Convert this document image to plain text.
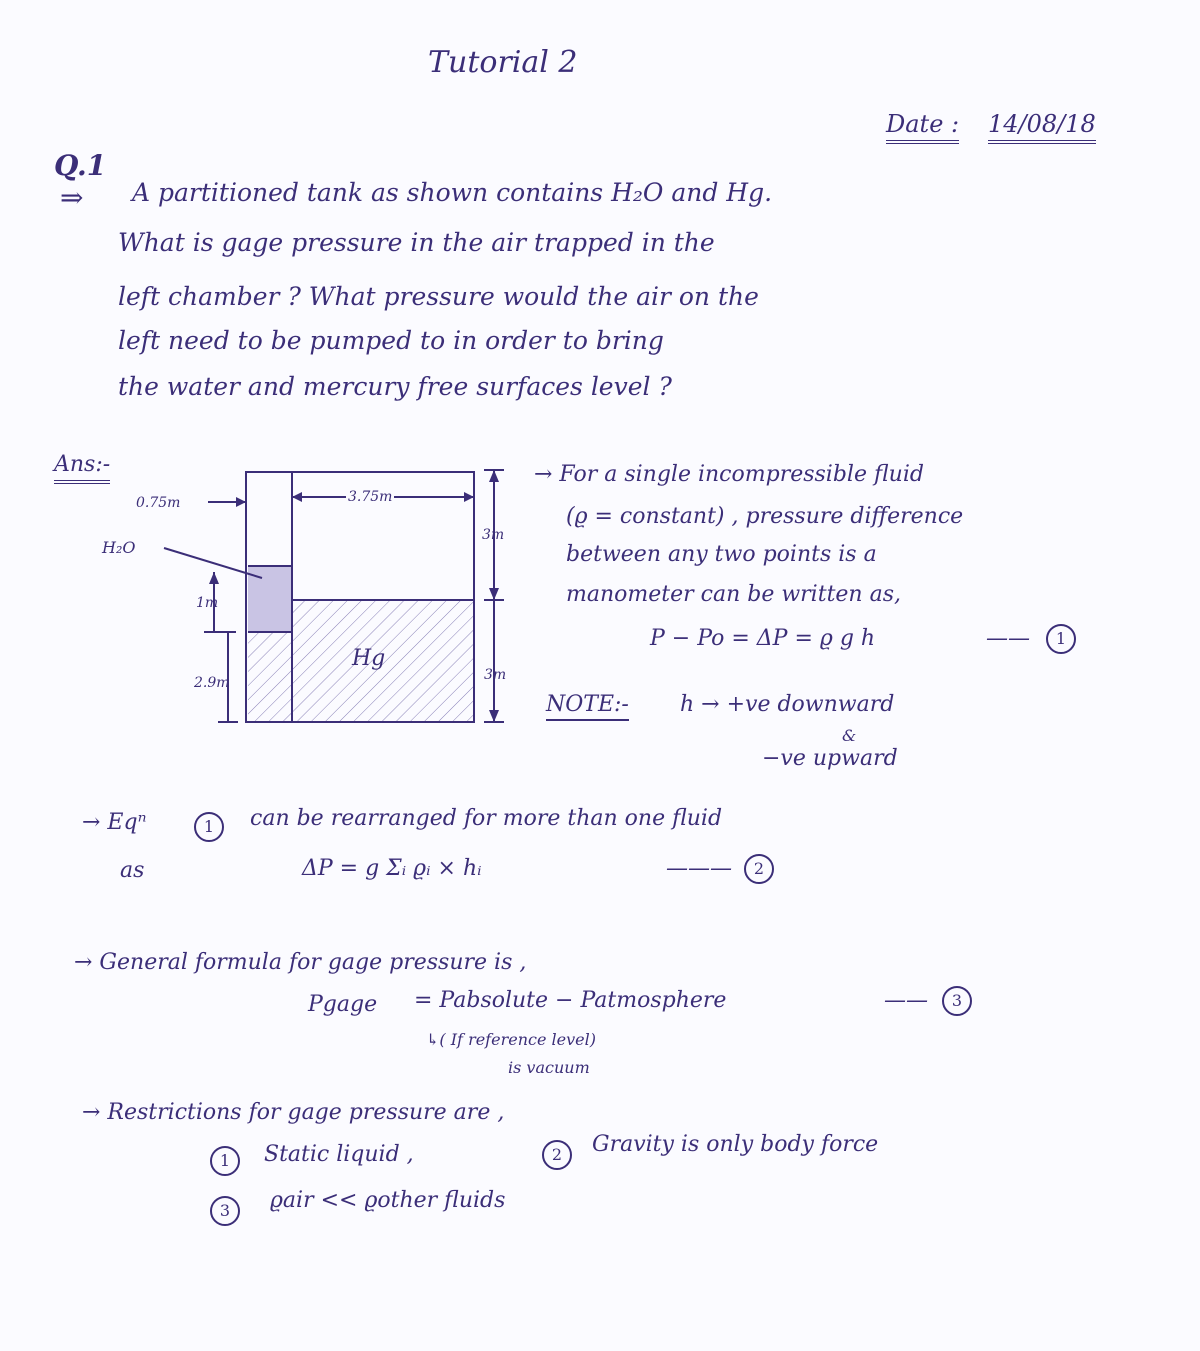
Tutorial 2
Date : 14/08/18
Q.1
⇒ A partitioned tank as shown contains H₂O and Hg.
What is gage pressure in the air trapped in the
left chamber ? What pressure would the air on the
left need to be pumped to in order to bring
the water and mercury free surfaces level ?
Ans:-
0.75m	3.75m
H₂O
Hg
1m
2.9m
3m
3m
→ For a single incompressible fluid
(ϱ = constant) , pressure difference
between any two points is a
manometer can be written as,
P − Po = ΔP = ϱ g h	——	1
NOTE:- h → +ve downward
&
−ve upward
→ Eqⁿ	1	can be rearranged for more than one fluid
as	ΔP = g Σᵢ ϱᵢ × hᵢ	———	2
→ General formula for gage pressure is ,
Pgage = Pabsolute − Patmosphere	——	3
↳( If reference level)
is vacuum
→ Restrictions for gage pressure are ,
1	Static liquid ,	2	Gravity is only body force
3	ϱair << ϱother fluids
